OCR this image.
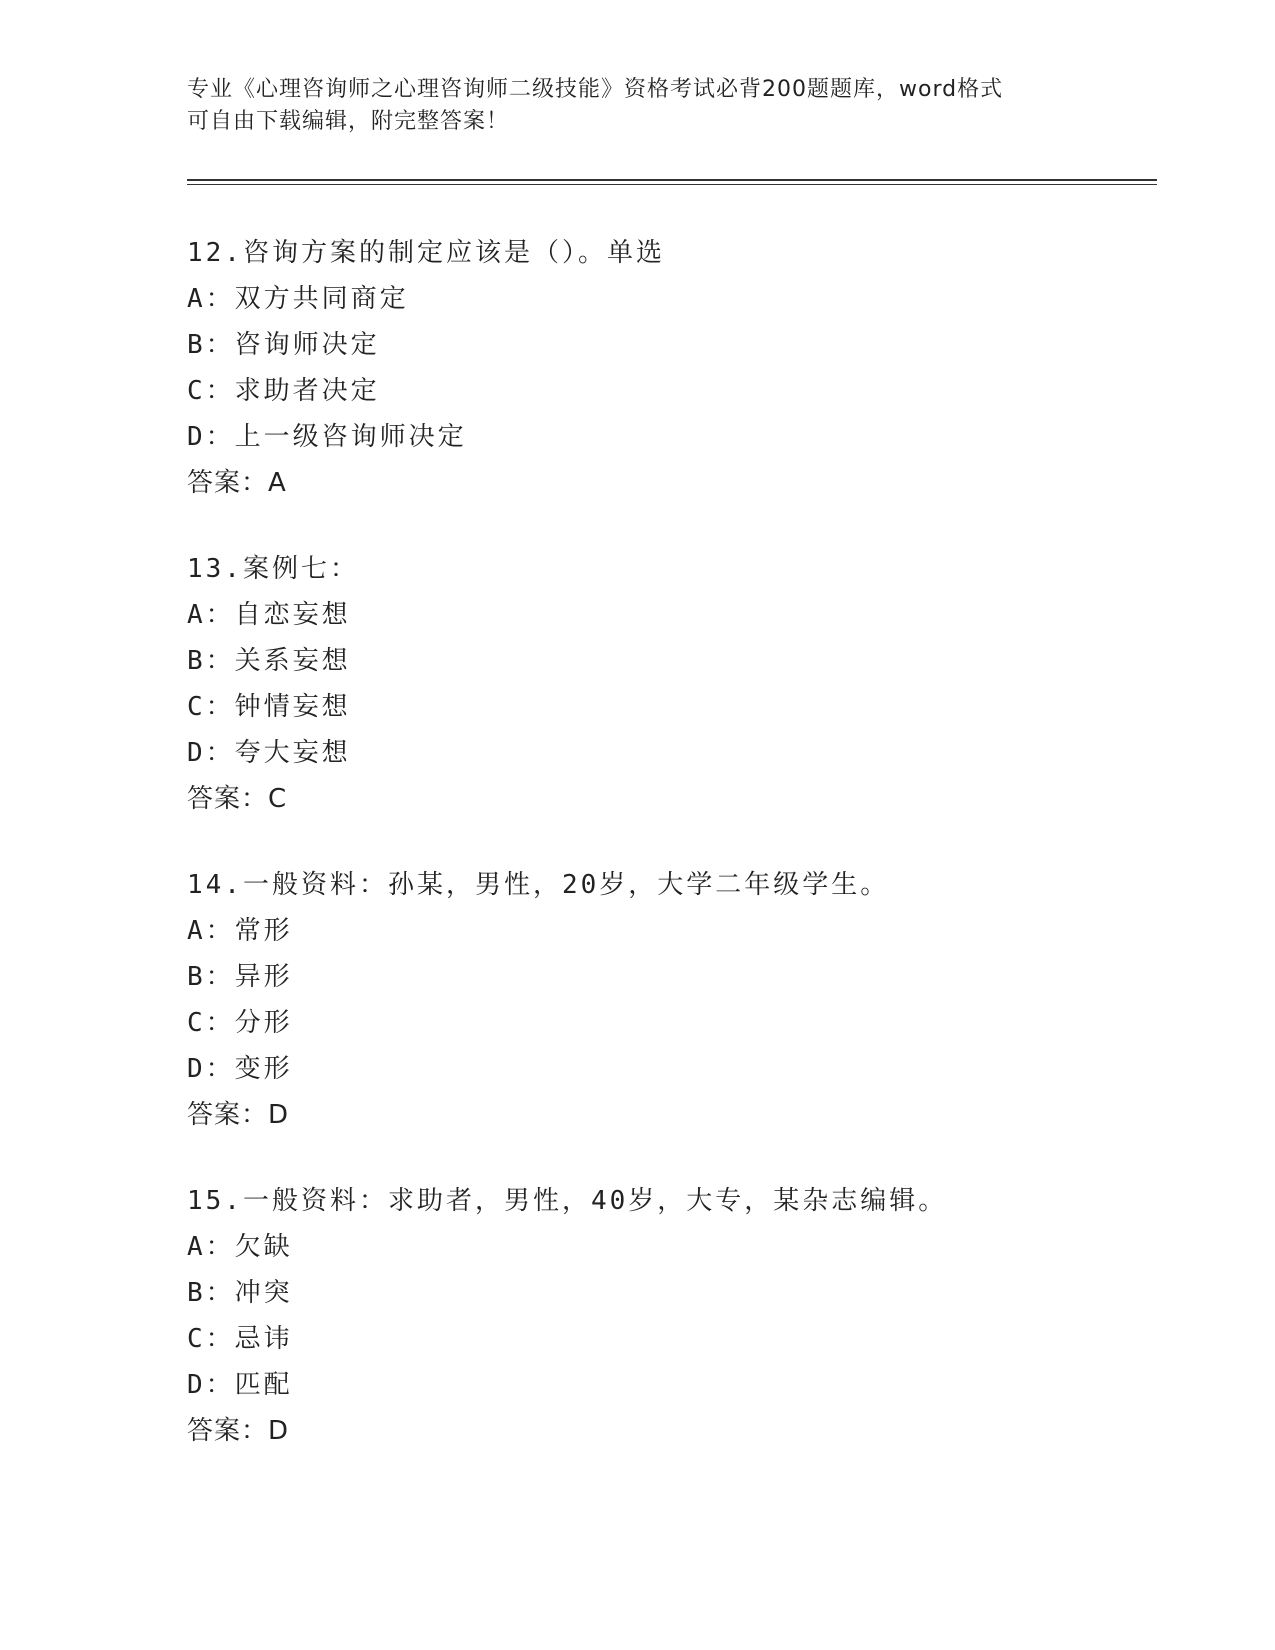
专业《心理咨询师之心理咨询师二级技能》资格考试必背200题题库，word格式
可自由下载编辑，附完整答案！
12.咨询方案的制定应该是（）。单选
A：双方共同商定
B：咨询师决定
C：求助者决定
D：上一级咨询师决定
答案：A
13.案例七：
A：自恋妄想
B：关系妄想
C：钟情妄想
D：夸大妄想
答案：C
14.一般资料：孙某，男性，20岁，大学二年级学生。
A：常形
B：异形
C：分形
D：变形
答案：D
15.一般资料：求助者，男性，40岁，大专，某杂志编辑。
A：欠缺
B：冲突
C：忌讳
D：匹配
答案：D
